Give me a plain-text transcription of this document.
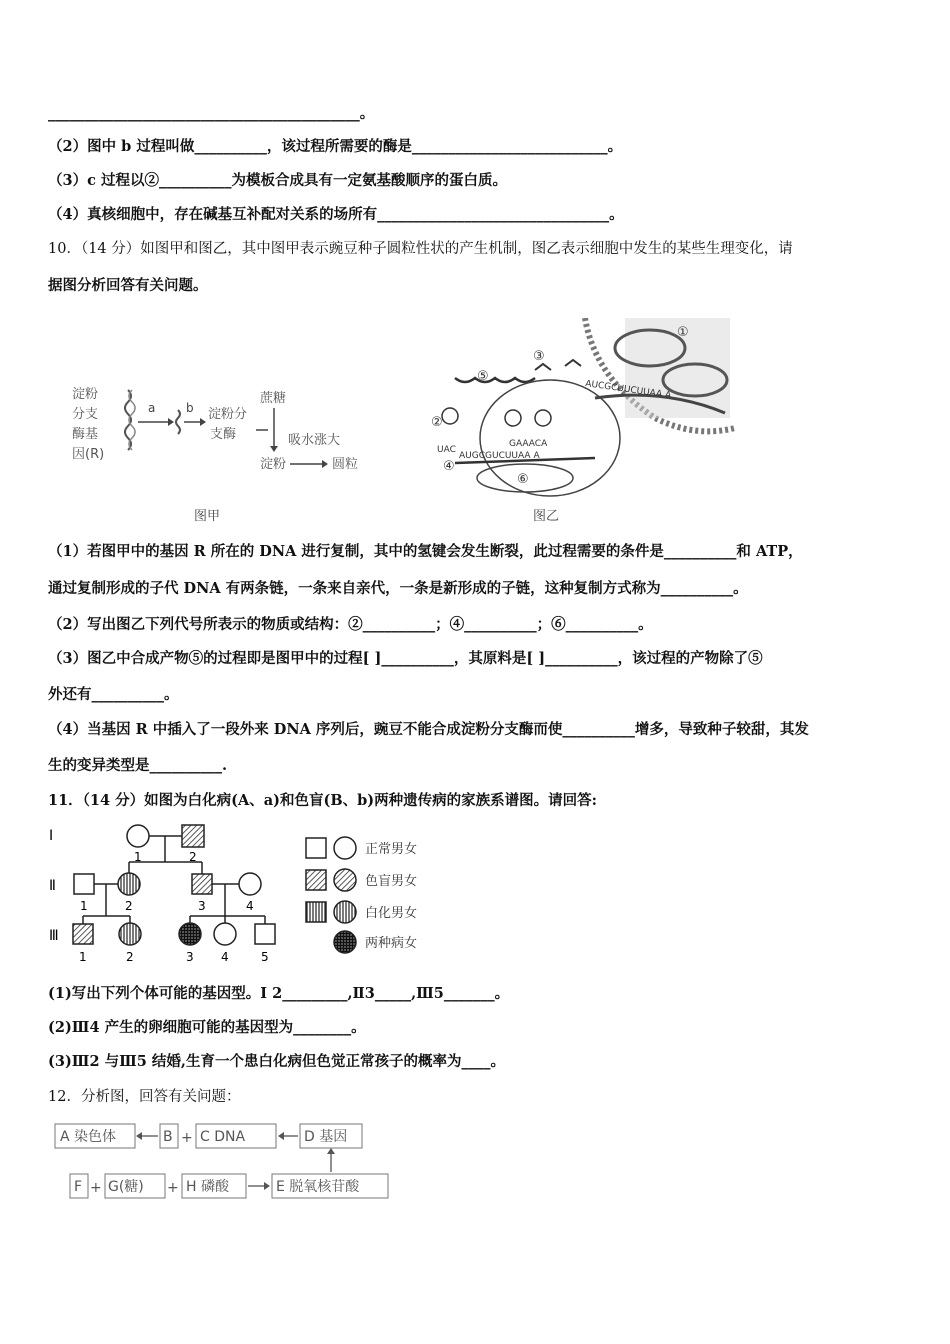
___________________________________________。
（2）图中 b 过程叫做__________，该过程所需要的酶是___________________________。
（3）c 过程以②__________为模板合成具有一定氨基酸顺序的蛋白质。
（4）真核细胞中，存在碱基互补配对关系的场所有________________________________。
10．（14 分）如图甲和图乙，其中图甲表示豌豆种子圆粒性状的产生机制，图乙表示细胞中发生的某些生理变化，请
据图分析回答有关问题。
淀粉
分支
酶基
因(R)
a	b 淀粉分
支酶
蔗糖
吸水涨大
淀粉	圆粒
图甲
①
AUCGCUUCUUAA A
③
⑤
②
UAC
GAAACA
AUGCGUCUUAA A
④
⑥
图乙
（1）若图甲中的基因 R 所在的 DNA 进行复制，其中的氢键会发生断裂，此过程需要的条件是__________和 ATP，
通过复制形成的子代 DNA 有两条链，一条来自亲代，一条是新形成的子链，这种复制方式称为__________。
（2）写出图乙下列代号所表示的物质或结构：②__________；④__________；⑥__________。
（3）图乙中合成产物⑤的过程即是图甲中的过程[ ]__________，其原料是[ ]__________，该过程的产物除了⑤
外还有__________。
（4）当基因 R 中插入了一段外来 DNA 序列后，豌豆不能合成淀粉分支酶而使__________增多，导致种子较甜，其发
生的变异类型是__________.
11．（14 分）如图为白化病(A、a)和色盲(B、b)两种遗传病的家族系谱图。请回答:
Ⅰ
Ⅱ
Ⅲ
1	2
1	2	3	4
1	2	3 4	5
正常男女
色盲男女
白化男女
两种病女
(1)写出下列个体可能的基因型。Ⅰ 2_________,Ⅱ3_____,Ⅲ5_______。
(2)Ⅲ4 产生的卵细胞可能的基因型为________。
(3)Ⅲ2 与Ⅲ5 结婚,生育一个患白化病但色觉正常孩子的概率为____。
12．分析图，回答有关问题：
A 染色体	B + C DNA	D 基因
F + G(糖) + H 磷酸	E 脱氧核苷酸
